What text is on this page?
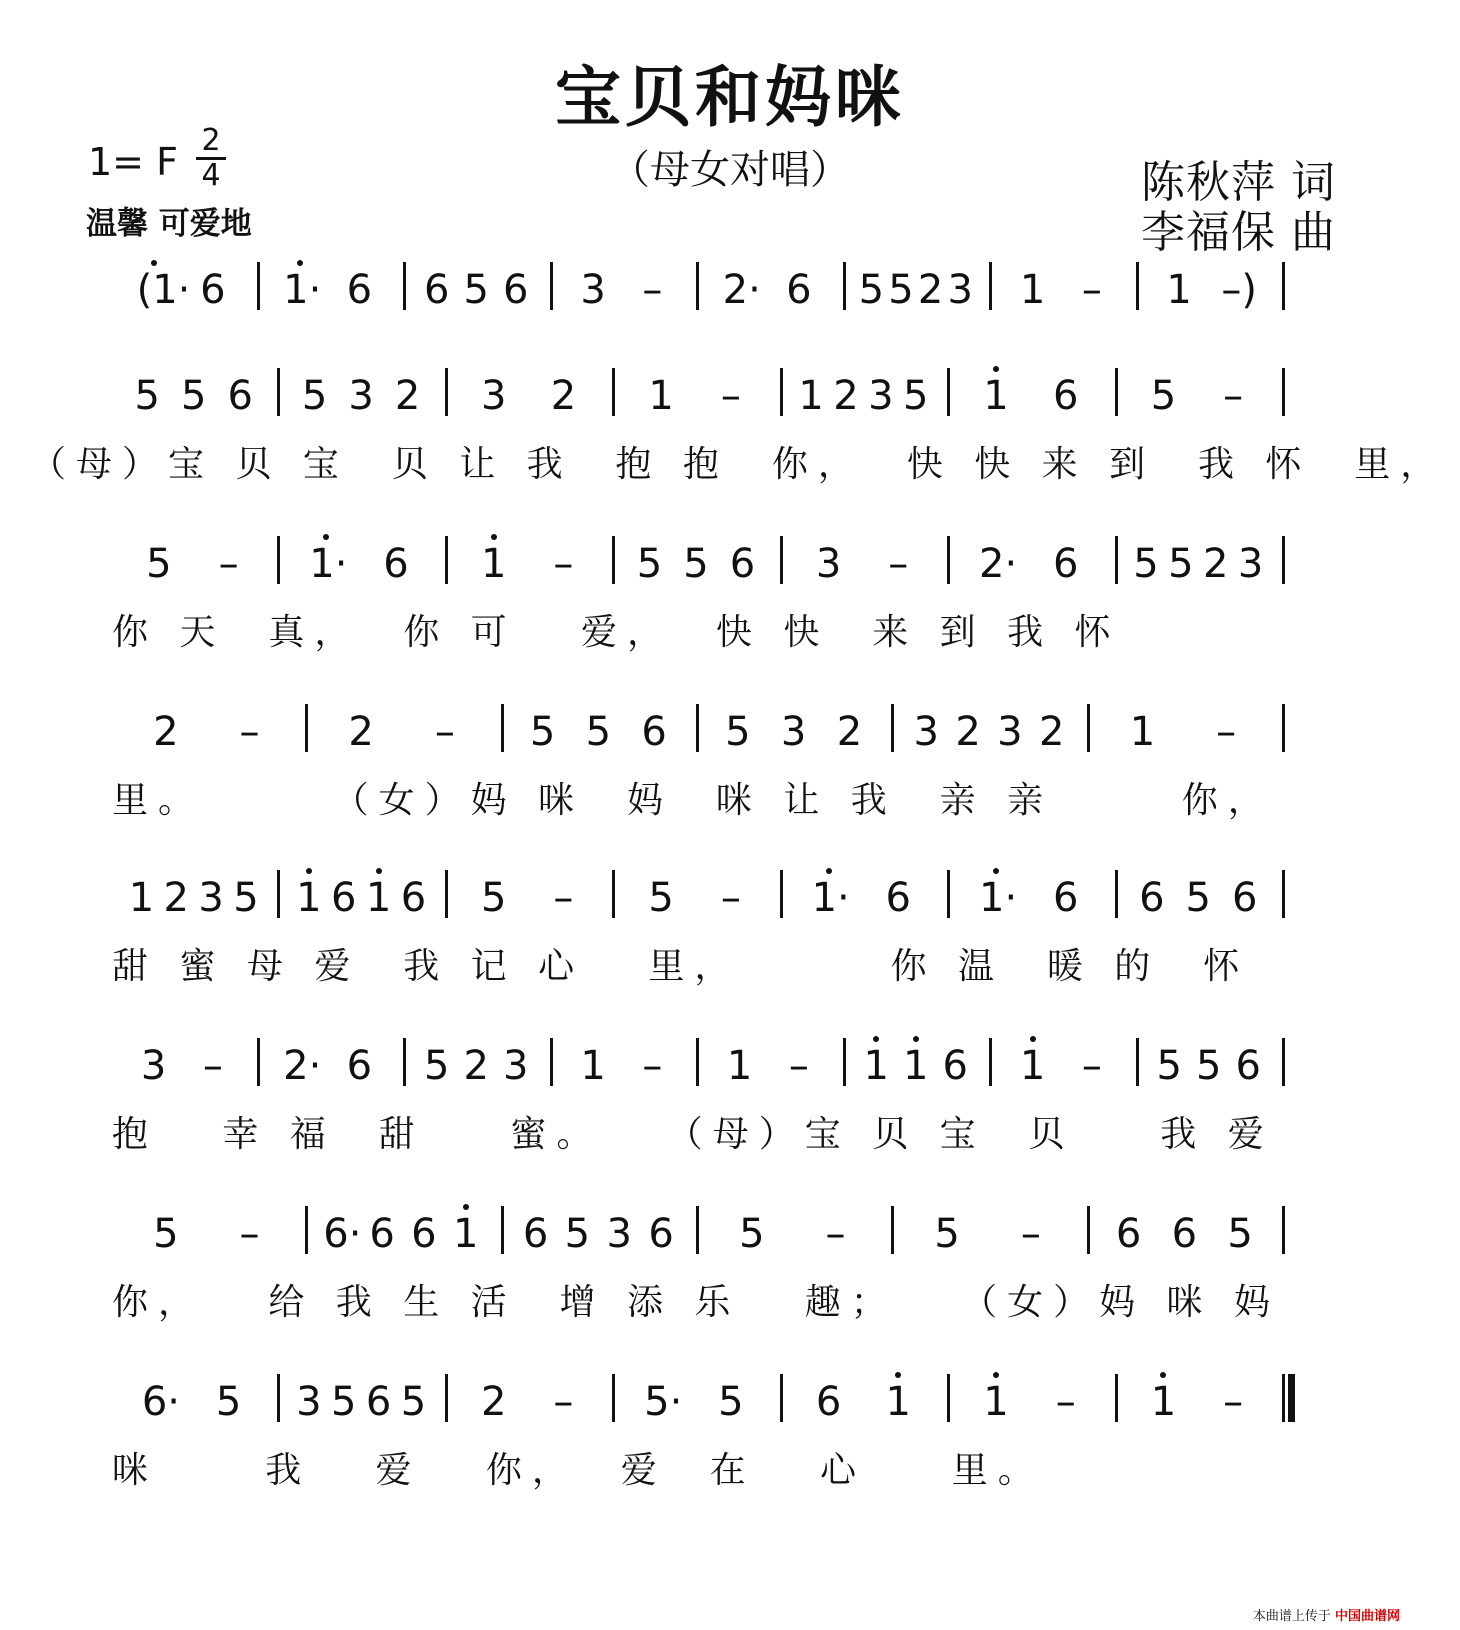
宝贝和妈咪
（母女对唱）
1= F 2
4
温馨 可爱地
陈秋萍 词
李福保 曲
(1· 6 1· 6 6 5 6 3 – 2· 6 5 5 2 3 1 – 1 –)
5 5 6 5 3 2 3 2 1 – 1 2 3 5 1 6 5 –
（母）宝 贝 宝  贝 让 我  抱 抱  你，  快 快 来 到  我 怀  里，
5 – 1· 6 1 – 5 5 6 3 – 2· 6 5 5 2 3
你 天  真，  你 可   爱，  快 快  来 到 我 怀
2 – 2 – 5 5 6 5 3 2 3 2 3 2 1 –
里。      （女）妈 咪  妈  咪 让 我  亲 亲      你，
1 2 3 5 1 6 1 6 5 – 5 – 1· 6 1· 6 6 5 6
甜 蜜 母 爱  我 记 心   里，       你 温  暖 的  怀
3 – 2· 6 5 2 3 1 – 1 – 1 1 6 1 – 5 5 6
抱   幸 福  甜    蜜。   （母）宝 贝 宝  贝    我 爱
5 – 6· 6 6 1 6 5 3 6 5 – 5 – 6 6 5
你，   给 我 生 活  增 添 乐   趣；   （女）妈 咪 妈
6· 5 3 5 6 5 2 – 5· 5 6 1 1 – 1 –
咪     我   爱   你，  爱  在   心    里。
本曲谱上传于 中国曲谱网
